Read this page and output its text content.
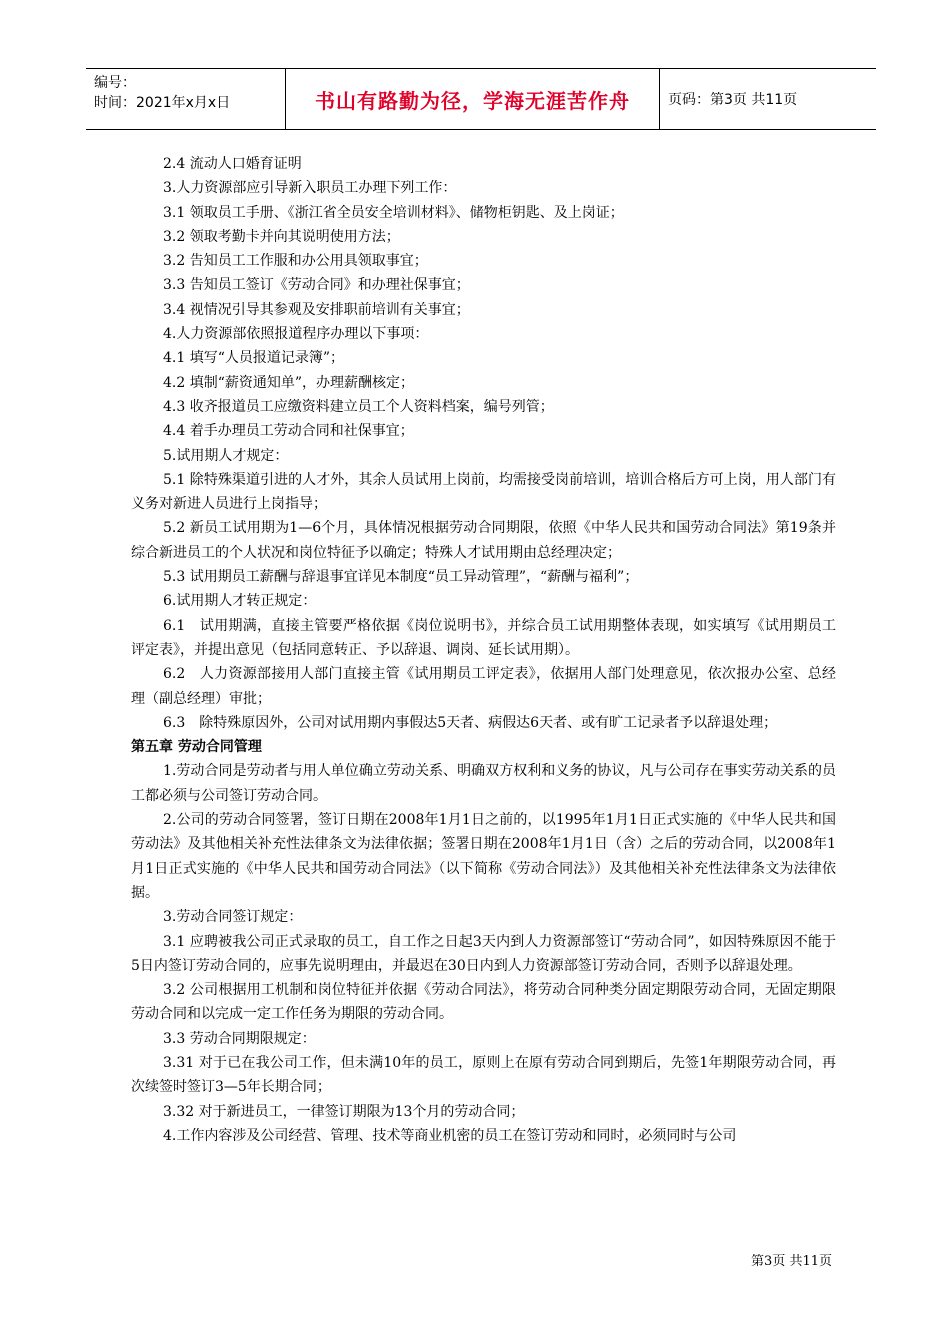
编号：
时间：2021年x月x日	书山有路勤为径，学海无涯苦作舟	页码：第3页 共11页
2.4 流动人口婚育证明
3.人力资源部应引导新入职员工办理下列工作：
3.1 领取员工手册、《浙江省全员安全培训材料》、储物柜钥匙、及上岗证；
3.2 领取考勤卡并向其说明使用方法；
3.2 告知员工工作服和办公用具领取事宜；
3.3 告知员工签订《劳动合同》和办理社保事宜；
3.4 视情况引导其参观及安排职前培训有关事宜；
4.人力资源部依照报道程序办理以下事项：
4.1 填写“人员报道记录簿”；
4.2 填制“薪资通知单”，办理薪酬核定；
4.3 收齐报道员工应缴资料建立员工个人资料档案，编号列管；
4.4 着手办理员工劳动合同和社保事宜；
5.试用期人才规定：
5.1 除特殊渠道引进的人才外，其余人员试用上岗前，均需接受岗前培训，培训合格后方可上岗，用人部门有义务对新进人员进行上岗指导；
5.2 新员工试用期为1—6个月，具体情况根据劳动合同期限，依照《中华人民共和国劳动合同法》第19条并综合新进员工的个人状况和岗位特征予以确定；特殊人才试用期由总经理决定；
5.3 试用期员工薪酬与辞退事宜详见本制度“员工异动管理”，“薪酬与福利”；
6.试用期人才转正规定：
6.1　试用期满，直接主管要严格依据《岗位说明书》，并综合员工试用期整体表现，如实填写《试用期员工评定表》，并提出意见（包括同意转正、予以辞退、调岗、延长试用期）。
6.2　人力资源部接用人部门直接主管《试用期员工评定表》，依据用人部门处理意见，依次报办公室、总经理（副总经理）审批；
6.3　除特殊原因外，公司对试用期内事假达5天者、病假达6天者、或有旷工记录者予以辞退处理；
第五章 劳动合同管理
1.劳动合同是劳动者与用人单位确立劳动关系、明确双方权利和义务的协议，凡与公司存在事实劳动关系的员工都必须与公司签订劳动合同。
2.公司的劳动合同签署，签订日期在2008年1月1日之前的，以1995年1月1日正式实施的《中华人民共和国劳动法》及其他相关补充性法律条文为法律依据；签署日期在2008年1月1日（含）之后的劳动合同，以2008年1月1日正式实施的《中华人民共和国劳动合同法》（以下简称《劳动合同法》）及其他相关补充性法律条文为法律依据。
3.劳动合同签订规定：
3.1 应聘被我公司正式录取的员工，自工作之日起3天内到人力资源部签订“劳动合同”，如因特殊原因不能于5日内签订劳动合同的，应事先说明理由，并最迟在30日内到人力资源部签订劳动合同，否则予以辞退处理。
3.2 公司根据用工机制和岗位特征并依据《劳动合同法》，将劳动合同种类分固定期限劳动合同，无固定期限劳动合同和以完成一定工作任务为期限的劳动合同。
3.3 劳动合同期限规定：
3.31 对于已在我公司工作，但未满10年的员工，原则上在原有劳动合同到期后，先签1年期限劳动合同，再次续签时签订3—5年长期合同；
3.32 对于新进员工，一律签订期限为13个月的劳动合同；
4.工作内容涉及公司经营、管理、技术等商业机密的员工在签订劳动和同时，必须同时与公司
第3页 共11页
